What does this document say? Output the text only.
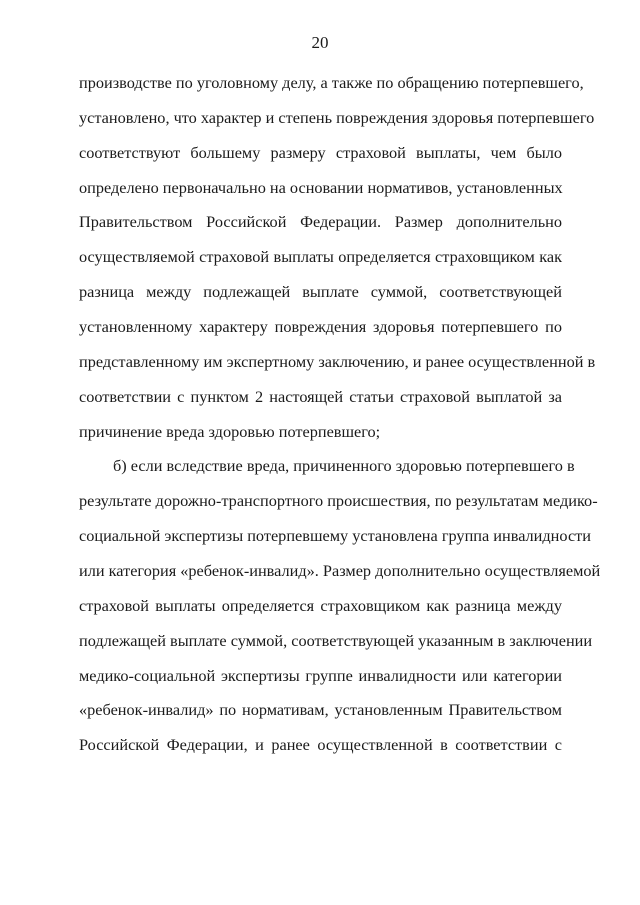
20
производстве по уголовному делу, а также по обращению потерпевшего,
установлено, что характер и степень повреждения здоровья потерпевшего
соответствуют большему размеру страховой выплаты, чем было
определено первоначально на основании нормативов, установленных
Правительством Российской Федерации. Размер дополнительно
осуществляемой страховой выплаты определяется страховщиком как
разница между подлежащей выплате суммой, соответствующей
установленному характеру повреждения здоровья потерпевшего по
представленному им экспертному заключению, и ранее осуществленной в
соответствии с пунктом 2 настоящей статьи страховой выплатой за
причинение вреда здоровью потерпевшего;
б) если вследствие вреда, причиненного здоровью потерпевшего в
результате дорожно-транспортного происшествия, по результатам медико-
социальной экспертизы потерпевшему установлена группа инвалидности
или категория «ребенок-инвалид». Размер дополнительно осуществляемой
страховой выплаты определяется страховщиком как разница между
подлежащей выплате суммой, соответствующей указанным в заключении
медико-социальной экспертизы группе инвалидности или категории
«ребенок-инвалид» по нормативам, установленным Правительством
Российской Федерации, и ранее осуществленной в соответствии с
